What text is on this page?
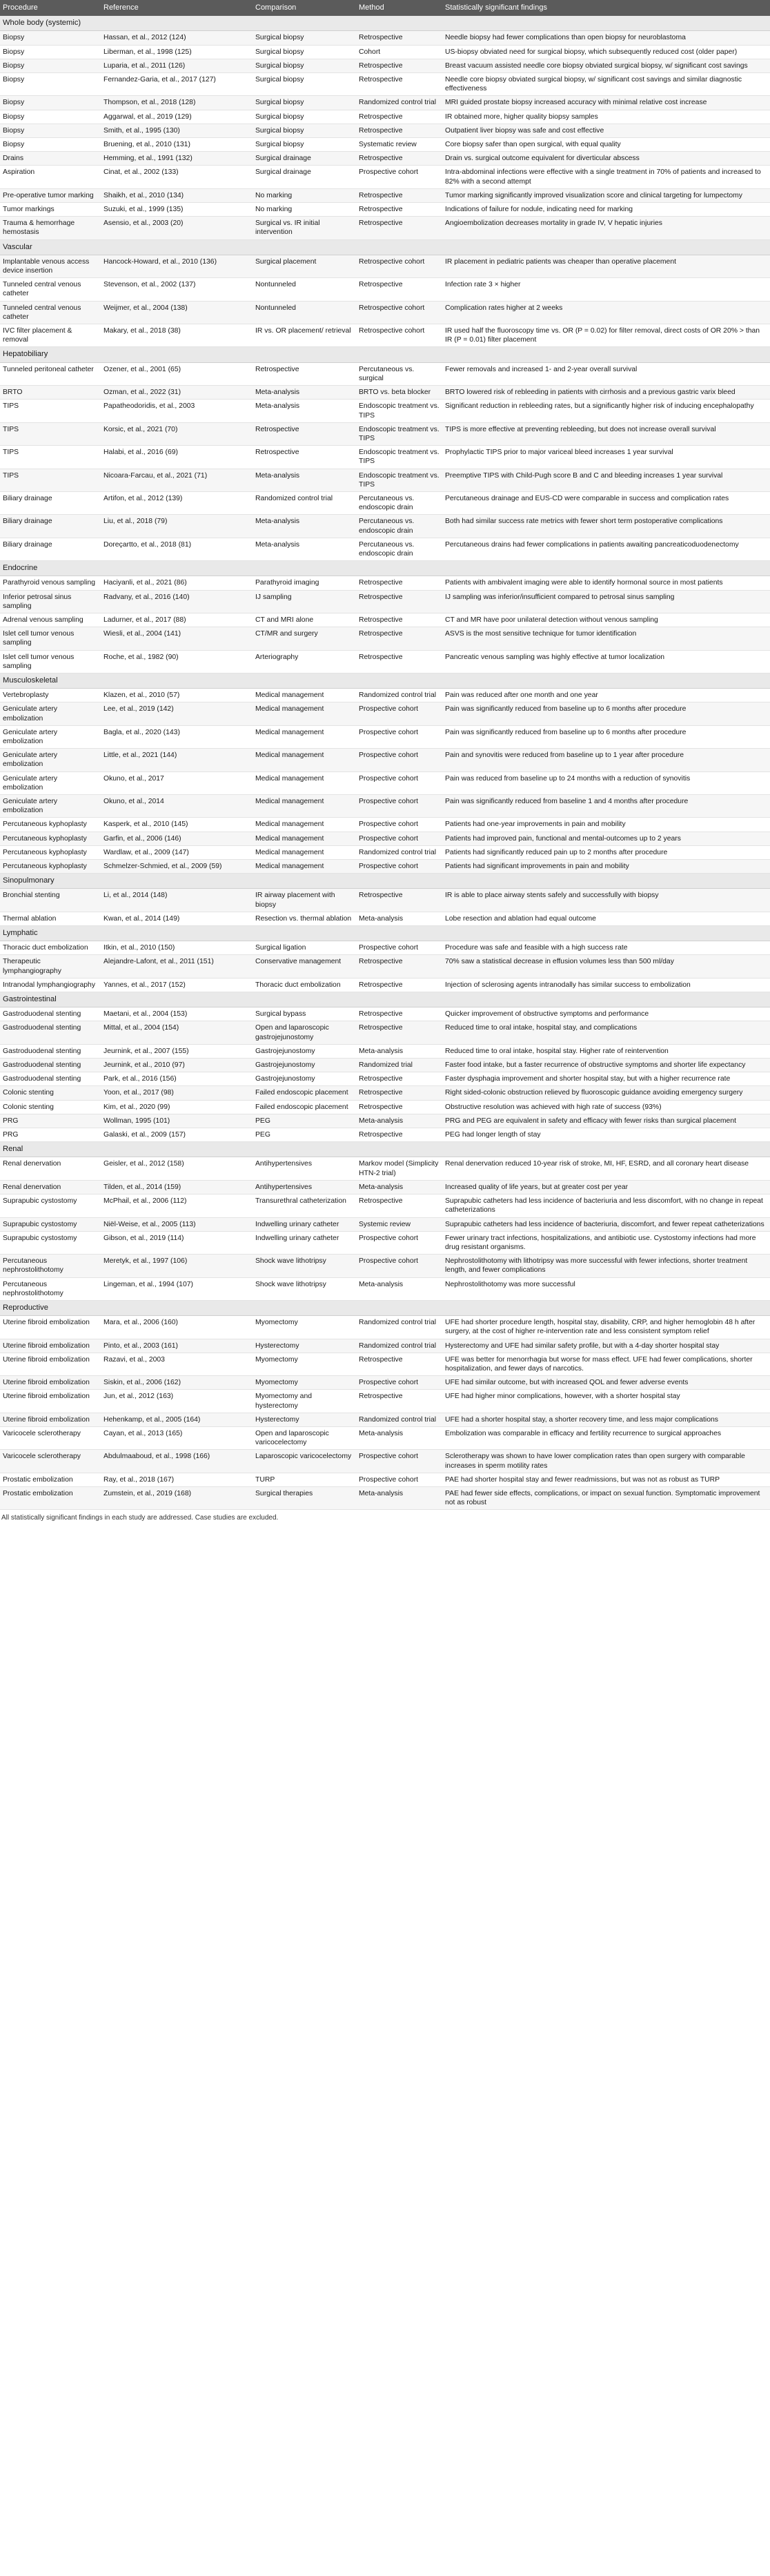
Procedure	Reference	Comparison	Method	Statistically significant findings
Whole body (systemic)				
Biopsy	Hassan, et al., 2012 (124)	Surgical biopsy	Retrospective	Needle biopsy had fewer complications than open biopsy for neuroblastoma
Biopsy	Liberman, et al., 1998 (125)	Surgical biopsy	Cohort	US-biopsy obviated need for surgical biopsy, which subsequently reduced cost (older paper)
Biopsy	Luparia, et al., 2011 (126)	Surgical biopsy	Retrospective	Breast vacuum assisted needle core biopsy obviated surgical biopsy, w/ significant cost savings
Biopsy	Fernandez-Garia, et al., 2017 (127)	Surgical biopsy	Retrospective	Needle core biopsy obviated surgical biopsy, w/ significant cost savings and similar diagnostic effectiveness
Biopsy	Thompson, et al., 2018 (128)	Surgical biopsy	Randomized control trial	MRI guided prostate biopsy increased accuracy with minimal relative cost increase
Biopsy	Aggarwal, et al., 2019 (129)	Surgical biopsy	Retrospective	IR obtained more, higher quality biopsy samples
Biopsy	Smith, et al., 1995 (130)	Surgical biopsy	Retrospective	Outpatient liver biopsy was safe and cost effective
Biopsy	Bruening, et al., 2010 (131)	Surgical biopsy	Systematic review	Core biopsy safer than open surgical, with equal quality
Drains	Hemming, et al., 1991 (132)	Surgical drainage	Retrospective	Drain vs. surgical outcome equivalent for diverticular abscess
Aspiration	Cinat, et al., 2002 (133)	Surgical drainage	Prospective cohort	Intra-abdominal infections were effective with a single treatment in 70% of patients and increased to 82% with a second attempt
Pre-operative tumor marking	Shaikh, et al., 2010 (134)	No marking	Retrospective	Tumor marking significantly improved visualization score and clinical targeting for lumpectomy
Tumor markings	Suzuki, et al., 1999 (135)	No marking	Retrospective	Indications of failure for nodule, indicating need for marking
Trauma & hemorrhage hemostasis	Asensio, et al., 2003 (20)	Surgical vs. IR initial intervention	Retrospective	Angioembolization decreases mortality in grade IV, V hepatic injuries
Vascular				
Implantable venous access device insertion	Hancock-Howard, et al., 2010 (136)	Surgical placement	Retrospective cohort	IR placement in pediatric patients was cheaper than operative placement
Tunneled central venous catheter	Stevenson, et al., 2002 (137)	Nontunneled	Retrospective	Infection rate 3 × higher
Tunneled central venous catheter	Weijmer, et al., 2004 (138)	Nontunneled	Retrospective cohort	Complication rates higher at 2 weeks
IVC filter placement & removal	Makary, et al., 2018 (38)	IR vs. OR placement/ retrieval	Retrospective cohort	IR used half the fluoroscopy time vs. OR (P = 0.02) for filter removal, direct costs of OR 20% > than IR (P = 0.01) filter placement
Hepatobiliary				
Tunneled peritoneal catheter	Ozener, et al., 2001 (65)	Retrospective	Percutaneous vs. surgical	Fewer removals and increased 1- and 2-year overall survival
BRTO	Ozman, et al., 2022 (31)	Meta-analysis	BRTO vs. beta blocker	BRTO lowered risk of rebleeding in patients with cirrhosis and a previous gastric varix bleed
TIPS	Papatheodoridis, et al., 2003	Meta-analysis	Endoscopic treatment vs. TIPS	Significant reduction in rebleeding rates, but a significantly higher risk of inducing encephalopathy
TIPS	Korsic, et al., 2021 (70)	Retrospective	Endoscopic treatment vs. TIPS	TIPS is more effective at preventing rebleeding, but does not increase overall survival
TIPS	Halabi, et al., 2016 (69)	Retrospective	Endoscopic treatment vs. TIPS	Prophylactic TIPS prior to major variceal bleed increases 1 year survival
TIPS	Nicoara-Farcau, et al., 2021 (71)	Meta-analysis	Endoscopic treatment vs. TIPS	Preemptive TIPS with Child-Pugh score B and C and bleeding increases 1 year survival
Biliary drainage	Artifon, et al., 2012 (139)	Randomized control trial	Percutaneous vs. endoscopic drain	Percutaneous drainage and EUS-CD were comparable in success and complication rates
Biliary drainage	Liu, et al., 2018 (79)	Meta-analysis	Percutaneous vs. endoscopic drain	Both had similar success rate metrics with fewer short term postoperative complications
Biliary drainage	Doreçartto, et al., 2018 (81)	Meta-analysis	Percutaneous vs. endoscopic drain	Percutaneous drains had fewer complications in patients awaiting pancreaticoduodenectomy
Endocrine				
Parathyroid venous sampling	Haciyanli, et al., 2021 (86)	Parathyroid imaging	Retrospective	Patients with ambivalent imaging were able to identify hormonal source in most patients
Inferior petrosal sinus sampling	Radvany, et al., 2016 (140)	IJ sampling	Retrospective	IJ sampling was inferior/insufficient compared to petrosal sinus sampling
Adrenal venous sampling	Ladurner, et al., 2017 (88)	CT and MRI alone	Retrospective	CT and MR have poor unilateral detection without venous sampling
Islet cell tumor venous sampling	Wiesli, et al., 2004 (141)	CT/MR and surgery	Retrospective	ASVS is the most sensitive technique for tumor identification
Islet cell tumor venous sampling	Roche, et al., 1982 (90)	Arteriography	Retrospective	Pancreatic venous sampling was highly effective at tumor localization
Musculoskeletal				
Vertebroplasty	Klazen, et al., 2010 (57)	Medical management	Randomized control trial	Pain was reduced after one month and one year
Geniculate artery embolization	Lee, et al., 2019 (142)	Medical management	Prospective cohort	Pain was significantly reduced from baseline up to 6 months after procedure
Geniculate artery embolization	Bagla, et al., 2020 (143)	Medical management	Prospective cohort	Pain was significantly reduced from baseline up to 6 months after procedure
Geniculate artery embolization	Little, et al., 2021 (144)	Medical management	Prospective cohort	Pain and synovitis were reduced from baseline up to 1 year after procedure
Geniculate artery embolization	Okuno, et al., 2017	Medical management	Prospective cohort	Pain was reduced from baseline up to 24 months with a reduction of synovitis
Geniculate artery embolization	Okuno, et al., 2014	Medical management	Prospective cohort	Pain was significantly reduced from baseline 1 and 4 months after procedure
Percutaneous kyphoplasty	Kasperk, et al., 2010 (145)	Medical management	Prospective cohort	Patients had one-year improvements in pain and mobility
Percutaneous kyphoplasty	Garfin, et al., 2006 (146)	Medical management	Prospective cohort	Patients had improved pain, functional and mental-outcomes up to 2 years
Percutaneous kyphoplasty	Wardlaw, et al., 2009 (147)	Medical management	Randomized control trial	Patients had significantly reduced pain up to 2 months after procedure
Percutaneous kyphoplasty	Schmelzer-Schmied, et al., 2009 (59)	Medical management	Prospective cohort	Patients had significant improvements in pain and mobility
Sinopulmonary				
Bronchial stenting	Li, et al., 2014 (148)	IR airway placement with biopsy	Retrospective	IR is able to place airway stents safely and successfully with biopsy
Thermal ablation	Kwan, et al., 2014 (149)	Resection vs. thermal ablation	Meta-analysis	Lobe resection and ablation had equal outcome
Lymphatic				
Thoracic duct embolization	Itkin, et al., 2010 (150)	Surgical ligation	Prospective cohort	Procedure was safe and feasible with a high success rate
Therapeutic lymphangiography	Alejandre-Lafont, et al., 2011 (151)	Conservative management	Retrospective	70% saw a statistical decrease in effusion volumes less than 500 ml/day
Intranodal lymphangiography	Yannes, et al., 2017 (152)	Thoracic duct embolization	Retrospective	Injection of sclerosing agents intranodally has similar success to embolization
Gastrointestinal				
Gastroduodenal stenting	Maetani, et al., 2004 (153)	Surgical bypass	Retrospective	Quicker improvement of obstructive symptoms and performance
Gastroduodenal stenting	Mittal, et al., 2004 (154)	Open and laparoscopic gastrojejunostomy	Retrospective	Reduced time to oral intake, hospital stay, and complications
Gastroduodenal stenting	Jeurnink, et al., 2007 (155)	Gastrojejunostomy	Meta-analysis	Reduced time to oral intake, hospital stay. Higher rate of reintervention
Gastroduodenal stenting	Jeurnink, et al., 2010 (97)	Gastrojejunostomy	Randomized trial	Faster food intake, but a faster recurrence of obstructive symptoms and shorter life expectancy
Gastroduodenal stenting	Park, et al., 2016 (156)	Gastrojejunostomy	Retrospective	Faster dysphagia improvement and shorter hospital stay, but with a higher recurrence rate
Colonic stenting	Yoon, et al., 2017 (98)	Failed endoscopic placement	Retrospective	Right sided-colonic obstruction relieved by fluoroscopic guidance avoiding emergency surgery
Colonic stenting	Kim, et al., 2020 (99)	Failed endoscopic placement	Retrospective	Obstructive resolution was achieved with high rate of success (93%)
PRG	Wollman, 1995 (101)	PEG	Meta-analysis	PRG and PEG are equivalent in safety and efficacy with fewer risks than surgical placement
PRG	Galaski, et al., 2009 (157)	PEG	Retrospective	PEG had longer length of stay
Renal				
Renal denervation	Geisler, et al., 2012 (158)	Antihypertensives	Markov model (Simplicity HTN-2 trial)	Renal denervation reduced 10-year risk of stroke, MI, HF, ESRD, and all coronary heart disease
Renal denervation	Tilden, et al., 2014 (159)	Antihypertensives	Meta-analysis	Increased quality of life years, but at greater cost per year
Suprapubic cystostomy	McPhail, et al., 2006 (112)	Transurethral catheterization	Retrospective	Suprapubic catheters had less incidence of bacteriuria and less discomfort, with no change in repeat catheterizations
Suprapubic cystostomy	Niël-Weise, et al., 2005 (113)	Indwelling urinary catheter	Systemic review	Suprapubic catheters had less incidence of bacteriuria, discomfort, and fewer repeat catheterizations
Suprapubic cystostomy	Gibson, et al., 2019 (114)	Indwelling urinary catheter	Prospective cohort	Fewer urinary tract infections, hospitalizations, and antibiotic use. Cystostomy infections had more drug resistant organisms.
Percutaneous nephrostolithotomy	Meretyk, et al., 1997 (106)	Shock wave lithotripsy	Prospective cohort	Nephrostolithotomy with lithotripsy was more successful with fewer infections, shorter treatment length, and fewer complications
Percutaneous nephrostolithotomy	Lingeman, et al., 1994 (107)	Shock wave lithotripsy	Meta-analysis	Nephrostolithotomy was more successful
Reproductive				
Uterine fibroid embolization	Mara, et al., 2006 (160)	Myomectomy	Randomized control trial	UFE had shorter procedure length, hospital stay, disability, CRP, and higher hemoglobin 48 h after surgery, at the cost of higher re-intervention rate and less consistent symptom relief
Uterine fibroid embolization	Pinto, et al., 2003 (161)	Hysterectomy	Randomized control trial	Hysterectomy and UFE had similar safety profile, but with a 4-day shorter hospital stay
Uterine fibroid embolization	Razavi, et al., 2003	Myomectomy	Retrospective	UFE was better for menorrhagia but worse for mass effect. UFE had fewer complications, shorter hospitalization, and fewer days of narcotics.
Uterine fibroid embolization	Siskin, et al., 2006 (162)	Myomectomy	Prospective cohort	UFE had similar outcome, but with increased QOL and fewer adverse events
Uterine fibroid embolization	Jun, et al., 2012 (163)	Myomectomy and hysterectomy	Retrospective	UFE had higher minor complications, however, with a shorter hospital stay
Uterine fibroid embolization	Hehenkamp, et al., 2005 (164)	Hysterectomy	Randomized control trial	UFE had a shorter hospital stay, a shorter recovery time, and less major complications
Varicocele sclerotherapy	Cayan, et al., 2013 (165)	Open and laparoscopic varicocelectomy	Meta-analysis	Embolization was comparable in efficacy and fertility recurrence to surgical approaches
Varicocele sclerotherapy	Abdulmaaboud, et al., 1998 (166)	Laparoscopic varicocelectomy	Prospective cohort	Sclerotherapy was shown to have lower complication rates than open surgery with comparable increases in sperm motility rates
Prostatic embolization	Ray, et al., 2018 (167)	TURP	Prospective cohort	PAE had shorter hospital stay and fewer readmissions, but was not as robust as TURP
Prostatic embolization	Zumstein, et al., 2019 (168)	Surgical therapies	Meta-analysis	PAE had fewer side effects, complications, or impact on sexual function. Symptomatic improvement not as robust
All statistically significant findings in each study are addressed. Case studies are excluded.
